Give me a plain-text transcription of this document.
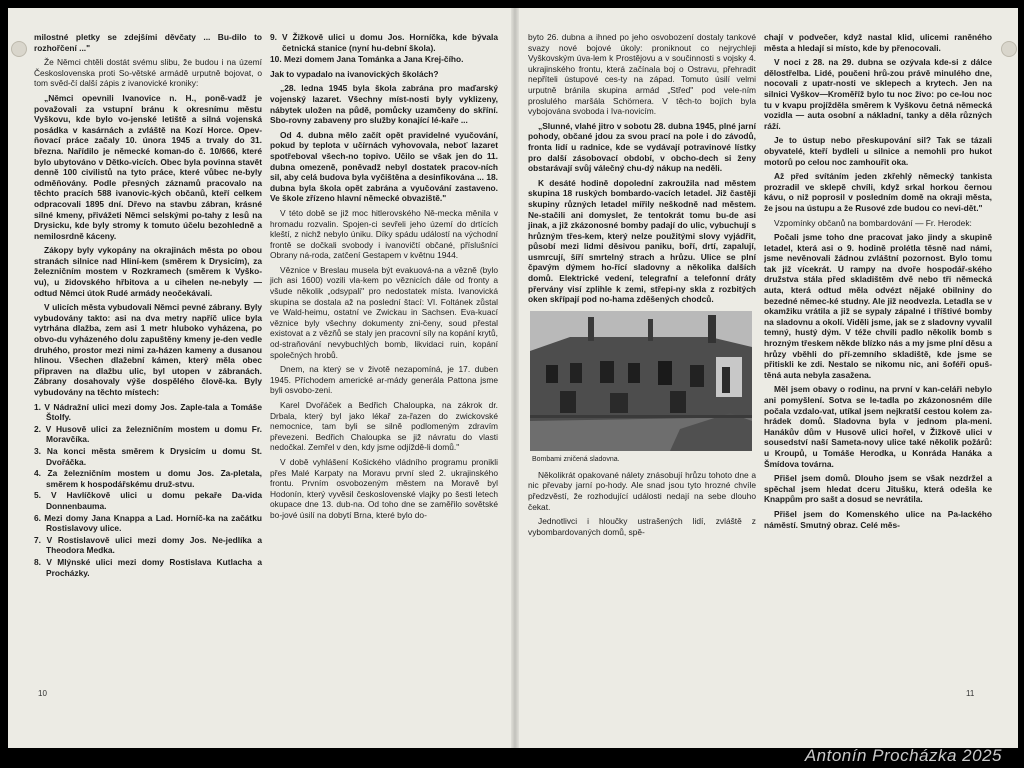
milostné pletky se zdejšími děvčaty ... Bu-dilo to rozhořčení ..."

Že Němci chtěli dostát svému slibu, že budou i na území Československa proti So-větské armádě urputně bojovat, o tom svěd-čí další zápis z ivanovické kroniky:

„Němci opevnili Ivanovice n. H., poně-vadž je považovali za vstupní bránu k okresnímu městu Vyškovu, kde bylo vo-jenské letiště a silná vojenská posádka v kasárnách a zvláště na Kozí Horce. Opev-ňovací práce začaly 10. února 1945 a trvaly do 31. března. Nařídilo je německé koman-do č. 10/666, které bylo ubytováno v Dětko-vicích. Obec byla povinna stavět denně 100 civilistů na tyto práce, které vůbec ne-byly odměňovány. Podle přesných záznamů pracovalo na těchto pracích 588 ivanovic-kých občanů, kteří celkem odpracovali 1895 dní. Dřevo na stavbu zábran, krásné silné kmeny, přivážeti Němci selskými po-tahy z lesů na Drysicku, kde byly stromy k tomuto účelu bezohledně a nemilosrdně káceny.

Zákopy byly vykopány na okrajinách města po obou stranách silnice nad Hliní-kem (směrem k Drysicím), za železničním mostem v Rozkramech (směrem k Vyško-vu), u židovského hřbitova a u cihelen ne-nebyly — odtud Němci útok Rudé armády neočekávali.

V ulicích města vybudovali Němci pevné zábrany. Byly vybudovány takto: asi na dva metry napříč ulice byla vytrhána dlažba, zem asi 1 metr hluboko vyházena, po obvo-du vyházeného dolu zapuštěny kmeny je-den vedle druhého, prostor mezi nimi za-házen kameny a dusanou hlinou. Všechen dlažební kámen, který měla obec připraven na dlažbu ulic, byl utopen v zábranách. Zábrany dosahovaly výše dospělého člově-ka. Byly vybudovány na těchto místech:

1. V Nádražní ulici mezi domy Jos. Zaple-tala a Tomáše Štolfy.
2. V Husově ulici za železničním mostem u domu Fr. Moravčíka.
3. Na konci města směrem k Drysicím u domu St. Dvořáčka.
4. Za železničním mostem u domu Jos. Za-pletala, směrem k hospodářskému druž-stvu.
5. V Havlíčkově ulici u domu pekaře Da-vida Donnenbauma.
6. Mezi domy Jana Knappa a Lad. Horníč-ka na začátku Rostislavovy ulice.
7. V Rostislavově ulici mezi domy Jos. Ne-jedlíka a Theodora Medka.
8. V Mlýnské ulici mezi domy Rostislava Kutlacha a Procházky.
9. V Žižkově ulici u domu Jos. Horníčka, kde bývala četnická stanice (nyní hu-dební škola).
10. Mezi domem Jana Tománka a Jana Krej-čího.

Jak to vypadalo na ivanovických školách?

„28. ledna 1945 byla škola zabrána pro maďarský vojenský lazaret. Všechny míst-nosti byly vyklizeny, nábytek uložen na půdě, pomůcky uzamčeny do skříní. Sbo-rovny zabaveny pro služby konající lé-kaře ...

Od 4. dubna mělo začít opět pravidelné vyučování, pokud by teplota v učírnách vyhovovala, neboť lazaret spotřeboval všech-no topivo. Učilo se však jen do 11. dubna omezeně, poněvadž nebyl dostatek pracov-ních sil, aby celá budova byla vyčištěna a desinfikována ... 18. dubna byla škola opět zabrána a vyučování zastaveno. Ve škole zřízeno hlavní německé obvaziště."

V této době se již moc hitlerovského Ně-mecka měnila v hromadu rozvalin. Spojen-ci sevřeli jeho území do drtících kleští, z nichž nebylo úniku. Díky spádu událostí na východní frontě se dočkali svobody i ivanovičtí občané, příslušníci Obrany ná-roda, zatčení Gestapem v květnu 1944.

Věznice v Breslau musela být evakuová-na a vězně (bylo jich asi 1600) vozili vla-kem po věznicích dále od fronty a všude několik „odsypali" pro nedostatek místa. Ivanovická skupina se dostala až na poslední štací: VI. Foltánek zůstal ve Wald-heimu, ostatní ve Zwickau in Sachsen. Eva-kuací věznice byly všechny dokumenty zni-čeny, soud přestal existovat a z vězňů se staly jen pracovní síly na kopání krytů, od-straňování nevybuchlých bomb, likvidaci ruin, kopání společných hrobů.

Dnem, na který se v životě nezapomíná, je 17. duben 1945. Příchodem americké ar-mády generála Pattona jsme byli osvobo-zeni.

Karel Dvořáček a Bedřich Chaloupka, na zákrok dr. Drbala, který byl jako lékař za-řazen do zwickovské nemocnice, tam byli se silně podlomeným zdravím převezeni. Bedřich Chaloupka se již návratu do vlasti nedočkal. Zemřel v den, kdy jsme odjíždě-li domů."

V době vyhlášení Košického vládního programu pronikli přes Malé Karpaty na Moravu první sled 2. ukrajinského frontu. Prvním osvobozeným městem na Moravě byl Hodonín, který vyvěsil československé vlajky po šesti letech okupace dne 13. dub-na. Od toho dne se zaměřilo sovětské bo-jové úsilí na dobytí Brna, které bylo do-

byto 26. dubna a ihned po jeho osvobození dostaly tankové svazy nové bojové úkoly: proniknout co nejrychleji Vyškovským úva-lem k Prostějovu a v součinnosti s vojsky 4. ukrajinského frontu, která začínala boj o Ostravu, přehradit nepříteli ústupové ces-ty na západ. Tomuto úsilí velmi urputně bránila skupina armád „Střed" pod vele-ním proslulého maršála Schörnera. V těch-to bojích byla vybojována svoboda i Iva-novicím.

„Slunné, vlahé jitro v sobotu 28. dubna 1945, plné jarní pohody, občané jdou za svou prací na pole i do závodů, fronta lidí u radnice, kde se vydávají potravinové lístky pro další zásobovací období, v obcho-dech si ženy obstarávají svůj válečný chu-dý nákup na neděli.

K desáté hodině dopolední zakroužila nad městem skupina 18 ruských bombardo-vacích letadel. Již častěji skupiny různých letadel mířily neškodně nad městem. Ne-stačili ani domyslet, že tentokrát tomu bu-de asi jinak, a již zkázonosné bomby padají do ulic, vybuchují s hrůzným třes-kem, který nelze použitými slovy vyjádřit, působí mezi lidmi děsivou paniku, boří, drtí, zapalují, usmrcují, šíří smrtelný strach a hrůzu. Ulice se plní čpavým dýmem ho-řící sladovny a několika dalších domů. Elektrické vedení, telegrafní a telefonní dráty přervány visí zplihle k zemi, střepi-ny skla z rozbitých oken skřípají pod no-hama zděšených chodců.

Bombami zničená sladovna.

Několikrát opakované nálety znásobují hrůzu tohoto dne a nic převaby jarní po-hody. Ale snad jsou tyto hrozné chvíle předzvěstí, že rozhodující události nedají na sebe dlouho čekat.

Jednotlivci i hloučky ustrašených lidí, zvláště z vybombardovaných domů, spě-

chají v podvečer, když nastal klid, ulicemi raněného města a hledají si místo, kde by přenocovali.

V noci z 28. na 29. dubna se ozývala kde-si z dálce dělostřelba. Lidé, poučeni hrů-zou právě minulého dne, nocovali z upatr-nosti ve sklepech a krytech. Jen na silnici Vyškov—Kroměříž bylo tu noc živo: po ce-lou noc tu v kvapu projížděla směrem k Vyškovu četná německá vozidla — auta osobní a nákladní, tanky a děla různých ráží.

Je to ústup nebo přeskupování sil? Tak se tázali obyvatelé, kteří bydleli u silnice a nemohli pro hukot motorů po celou noc zamhouřit oka.

Až před svítáním jeden zkřehlý německý tankista prozradil ve sklepě chvíli, když srkal horkou černou kávu, o niž poprosil v posledním domě na okraji města, že jsou na ústupu a že Rusové zde budou co nevi-dět."

Vzpomínky občanů na bombardování — Fr. Herodek:

Počali jsme toho dne pracovat jako jindy a skupině letadel, která asi o 9. hodině prolétla těsně nad námi, jsme nevěnovali žádnou zvláštní pozornost. Bylo tomu tak již vícekrát. U rampy na dvoře hospodář-ského družstva stála před skladištěm dvě nebo tři německá auta, která odtud měla odvézt nějaké obilniny do bezedné němec-ké studny. Ale již neodvezla. Letadla se v okamžiku vrátila a již se sypaly zápalné i tříštivé bomby na sladovnu a okolí. Viděli jsme, jak se z sladovny vyvalil temný, hustý dým. V téže chvíli padlo několik bomb s hrozným třeskem někde blízko nás a my jsme plní děsu a hrůzy vběhli do pří-zemního skladiště, kde jsme se přitiskli ke zdi. Nestalo se nikomu nic, ani šoféři opuš-těná auta nebyla zasažena.

Měl jsem obavy o rodinu, na první v kan-celáři nebylo ani pomyšlení. Sotva se le-tadla po zkázonosném díle počala vzdalo-vat, utíkal jsem nejkratší cestou kolem za-hrádek domů. Sladovna byla v jednom pla-meni. Hanákův dům v Husově ulici hořel, v Žižkově ulici v sousedství naší Sameta-novy ulice také několik požárů: u Kroupů, u Tomáše Herodka, u Konráda Hanáka a Šmídova továrna.

Přišel jsem domů. Dlouho jsem se však nezdržel a spěchal jsem hledat dceru Jitušku, která odešla ke Knappům pro sašt a dosud se nevrátila.

Přišel jsem do Komenského ulice na Pa-lackého náměstí. Smutný obraz. Celé měs-

10	11
Antonín Procházka 2025
